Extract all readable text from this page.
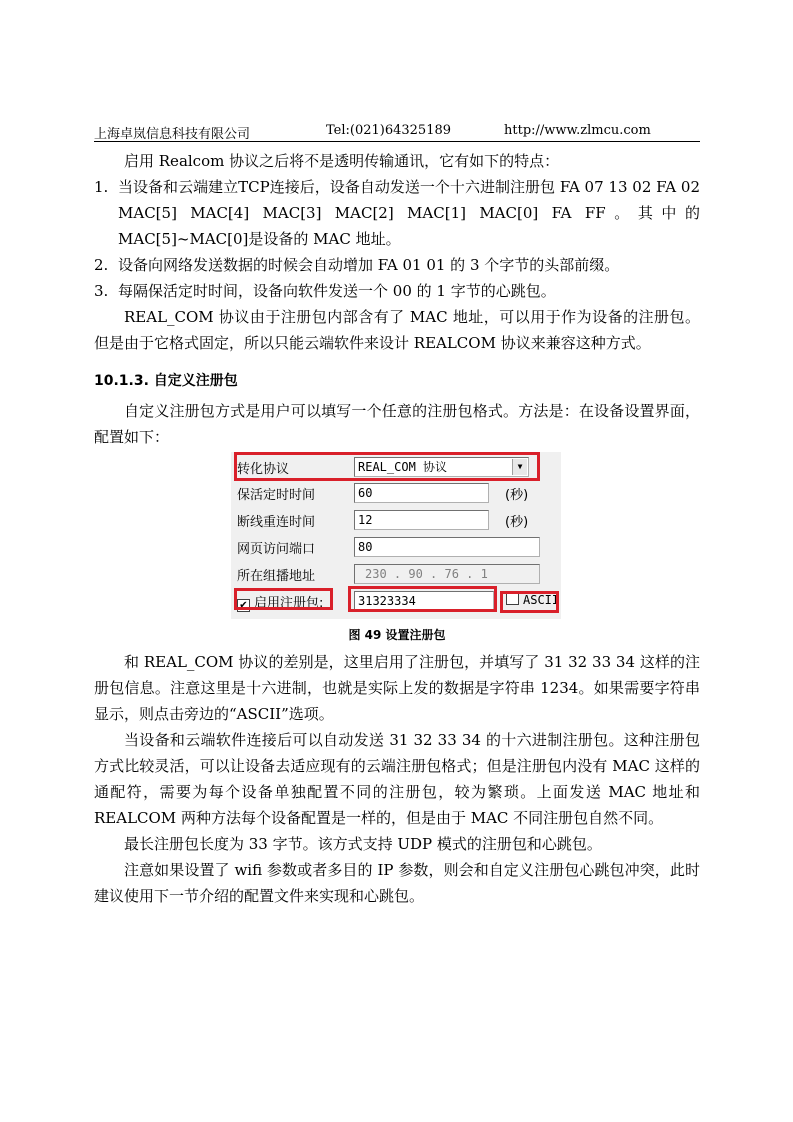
上海卓岚信息科技有限公司	Tel:(021)64325189	http://www.zlmcu.com

启用 Realcom 协议之后将不是透明传输通讯，它有如下的特点：

1. 当设备和云端建立TCP连接后，设备自动发送一个十六进制注册包 FA 07 13 02 FA 02 MAC[5] MAC[4] MAC[3] MAC[2] MAC[1] MAC[0] FA FF。其中的 MAC[5]~MAC[0]是设备的 MAC 地址。

2. 设备向网络发送数据的时候会自动增加 FA 01 01 的 3 个字节的头部前缀。

3. 每隔保活定时时间，设备向软件发送一个 00 的 1 字节的心跳包。

REAL_COM 协议由于注册包内部含有了 MAC 地址，可以用于作为设备的注册包。但是由于它格式固定，所以只能云端软件来设计 REALCOM 协议来兼容这种方式。

10.1.3. 自定义注册包

自定义注册包方式是用户可以填写一个任意的注册包格式。方法是：在设备设置界面，配置如下：

转化协议	REAL_COM 协议	▼
保活定时时间	60	(秒)
断线重连时间	12	(秒)
网页访问端口	80
所在组播地址	230 . 90 . 76 . 1
✔ 启用注册包:	31323334	ASCII
图 49 设置注册包

和 REAL_COM 协议的差别是，这里启用了注册包，并填写了 31 32 33 34 这样的注册包信息。注意这里是十六进制，也就是实际上发的数据是字符串 1234。如果需要字符串显示，则点击旁边的“ASCII”选项。

当设备和云端软件连接后可以自动发送 31 32 33 34 的十六进制注册包。这种注册包方式比较灵活，可以让设备去适应现有的云端注册包格式；但是注册包内没有 MAC 这样的通配符，需要为每个设备单独配置不同的注册包，较为繁琐。上面发送 MAC 地址和 REALCOM 两种方法每个设备配置是一样的，但是由于 MAC 不同注册包自然不同。

最长注册包长度为 33 字节。该方式支持 UDP 模式的注册包和心跳包。

注意如果设置了 wifi 参数或者多目的 IP 参数，则会和自定义注册包心跳包冲突，此时建议使用下一节介绍的配置文件来实现和心跳包。
